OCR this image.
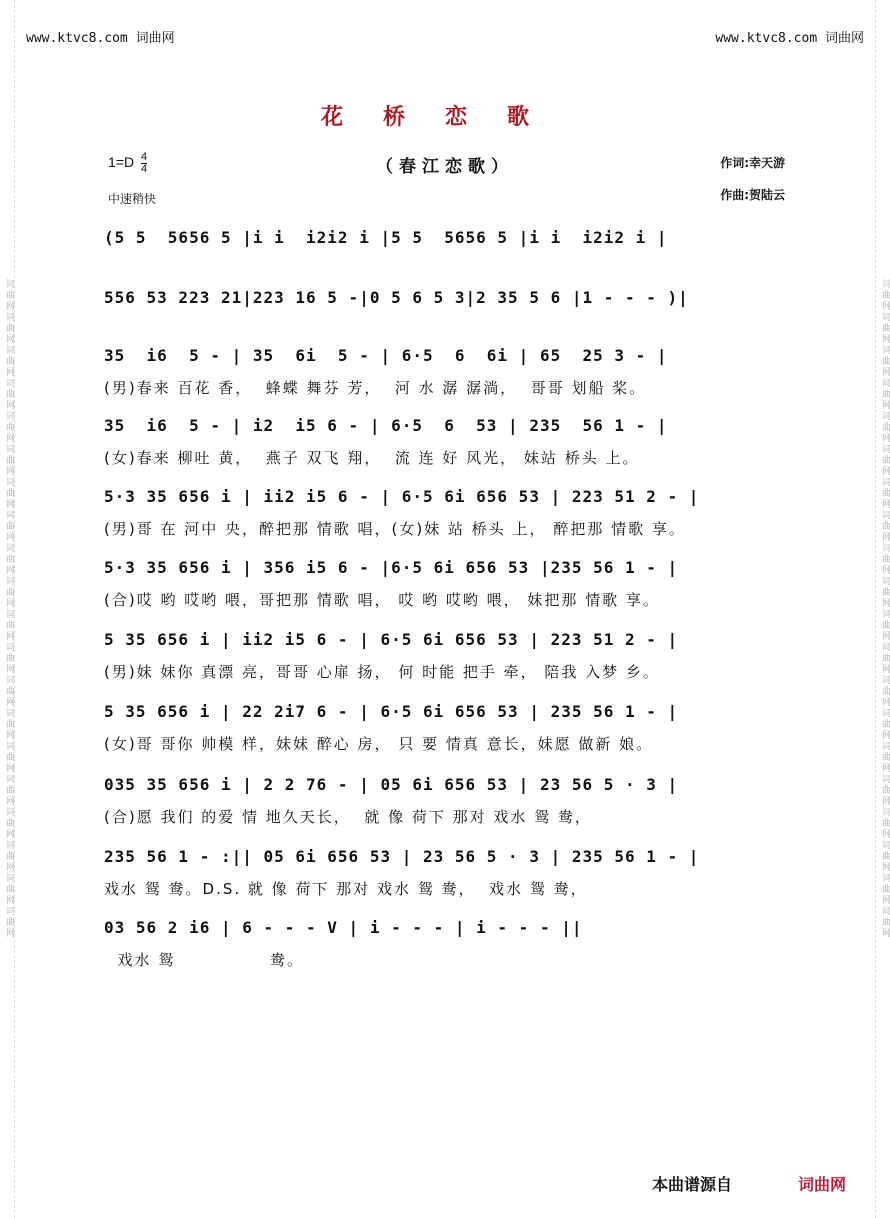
词曲网词曲网词曲网词曲网词曲网词曲网词曲网词曲网词曲网词曲网词曲网词曲网词曲网词曲网词曲网词曲网词曲网词曲网词曲网词曲网	词曲网词曲网词曲网词曲网词曲网词曲网词曲网词曲网词曲网词曲网词曲网词曲网词曲网词曲网词曲网词曲网词曲网词曲网词曲网词曲网
www.ktvc8.com 词曲网	www.ktvc8.com 词曲网
花桥恋歌
$1=D \frac{4}{4}$	（春江恋歌）
中速稍快
作词:幸天游
作曲:贺陆云
(5 5  5656 5 |i i  i2i2 i |5 5  5656 5 |i i  i2i2 i |
556 53 223 21|223 16 5 -|0 5 6 5 3|2 35 5 6 |1 - - - )|
35  i6  5 - | 35  6i  5 - | 6·5  6  6i | 65  25 3 - |
(男)春来 百花 香，  蜂蝶 舞芬 芳，  河 水 潺 潺淌，  哥哥 划船 桨。
35  i6  5 - | i2  i5 6 - | 6·5  6  53 | 235  56 1 - |
(女)春来 柳吐 黄，  燕子 双飞 翔，  流 连 好 风光， 妹站 桥头 上。
5·3 35 656 i | ii2 i5 6 - | 6·5 6i 656 53 | 223 51 2 - |
(男)哥 在 河中 央，醉把那 情歌 唱，(女)妹 站 桥头 上， 醉把那 情歌 享。
5·3 35 656 i | 356 i5 6 - |6·5 6i 656 53 |235 56 1 - |
(合)哎 哟 哎哟 喂，哥把那 情歌 唱， 哎 哟 哎哟 喂， 妹把那 情歌 享。
5 35 656 i | ii2 i5 6 - | 6·5 6i 656 53 | 223 51 2 - |
(男)妹 妹你 真漂 亮，哥哥 心扉 扬， 何 时能 把手 牵， 陪我 入梦 乡。
5 35 656 i | 22 2i7 6 - | 6·5 6i 656 53 | 235 56 1 - |
(女)哥 哥你 帅模 样，妹妹 醉心 房， 只 要 情真 意长，妹愿 做新 娘。
035 35 656 i | 2 2 76 - | 05 6i 656 53 | 23 56 5 · 3 |
(合)愿 我们 的爱 情 地久天长，  就 像 荷下 那对 戏水 鸳 鸯，
235 56 1 - :|| 05 6i 656 53 | 23 56 5 · 3 | 235 56 1 - |
戏水 鸳 鸯。D.S. 就 像 荷下 那对 戏水 鸳 鸯，  戏水 鸳 鸯，
03 56 2 i6 | 6 - - - V | i - - - | i - - - ||
戏水 鸳              鸯。
本曲谱源自	词曲网
